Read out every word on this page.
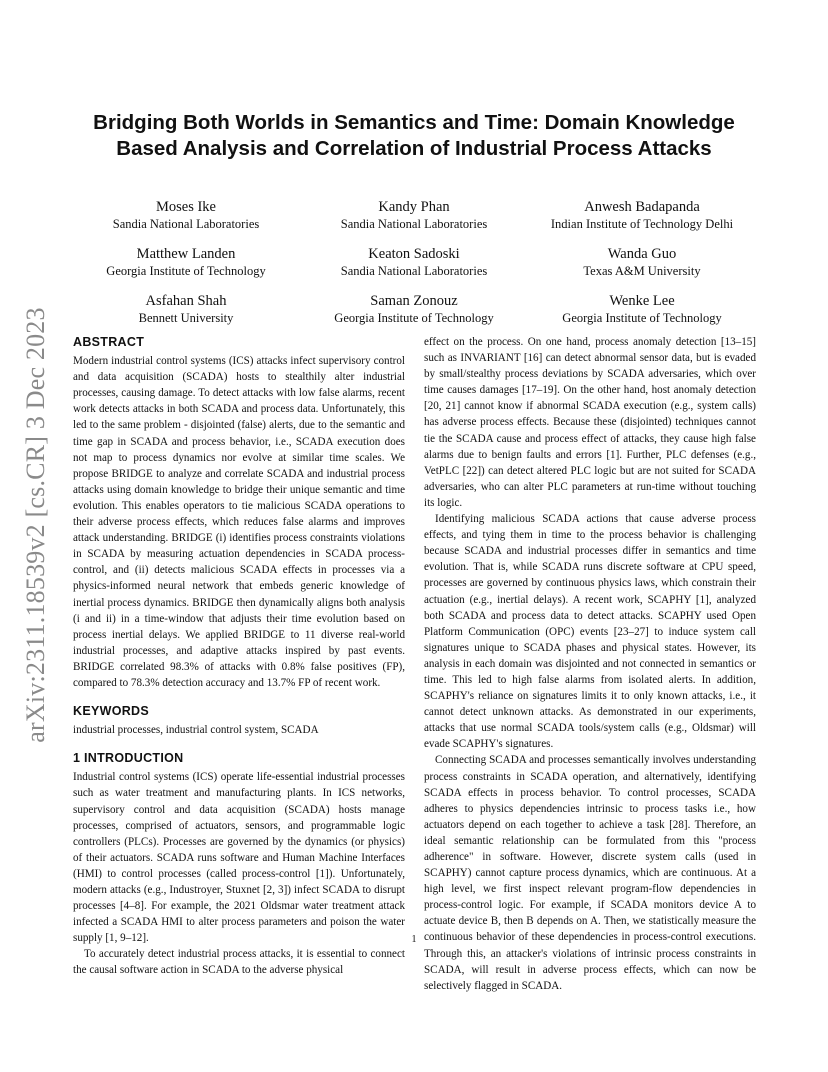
arXiv:2311.18539v2 [cs.CR] 3 Dec 2023
Bridging Both Worlds in Semantics and Time: Domain Knowledge Based Analysis and Correlation of Industrial Process Attacks
Moses Ike
Sandia National Laboratories
Kandy Phan
Sandia National Laboratories
Anwesh Badapanda
Indian Institute of Technology Delhi
Matthew Landen
Georgia Institute of Technology
Keaton Sadoski
Sandia National Laboratories
Wanda Guo
Texas A&M University
Asfahan Shah
Bennett University
Saman Zonouz
Georgia Institute of Technology
Wenke Lee
Georgia Institute of Technology
ABSTRACT

Modern industrial control systems (ICS) attacks infect supervisory control and data acquisition (SCADA) hosts to stealthily alter industrial processes, causing damage. To detect attacks with low false alarms, recent work detects attacks in both SCADA and process data. Unfortunately, this led to the same problem - disjointed (false) alerts, due to the semantic and time gap in SCADA and process behavior, i.e., SCADA execution does not map to process dynamics nor evolve at similar time scales. We propose BRIDGE to analyze and correlate SCADA and industrial process attacks using domain knowledge to bridge their unique semantic and time evolution. This enables operators to tie malicious SCADA operations to their adverse process effects, which reduces false alarms and improves attack understanding. BRIDGE (i) identifies process constraints violations in SCADA by measuring actuation dependencies in SCADA process-control, and (ii) detects malicious SCADA effects in processes via a physics-informed neural network that embeds generic knowledge of inertial process dynamics. BRIDGE then dynamically aligns both analysis (i and ii) in a time-window that adjusts their time evolution based on process inertial delays. We applied BRIDGE to 11 diverse real-world industrial processes, and adaptive attacks inspired by past events. BRIDGE correlated 98.3% of attacks with 0.8% false positives (FP), compared to 78.3% detection accuracy and 13.7% FP of recent work.

KEYWORDS

industrial processes, industrial control system, SCADA

1 INTRODUCTION

Industrial control systems (ICS) operate life-essential industrial processes such as water treatment and manufacturing plants. In ICS networks, supervisory control and data acquisition (SCADA) hosts manage processes, comprised of actuators, sensors, and programmable logic controllers (PLCs). Processes are governed by the dynamics (or physics) of their actuators. SCADA runs software and Human Machine Interfaces (HMI) to control processes (called process-control [1]). Unfortunately, modern attacks (e.g., Industroyer, Stuxnet [2, 3]) infect SCADA to disrupt processes [4–8]. For example, the 2021 Oldsmar water treatment attack infected a SCADA HMI to alter process parameters and poison the water supply [1, 9–12].

To accurately detect industrial process attacks, it is essential to connect the causal software action in SCADA to the adverse physical

effect on the process. On one hand, process anomaly detection [13–15] such as INVARIANT [16] can detect abnormal sensor data, but is evaded by small/stealthy process deviations by SCADA adversaries, which over time causes damages [17–19]. On the other hand, host anomaly detection [20, 21] cannot know if abnormal SCADA execution (e.g., system calls) has adverse process effects. Because these (disjointed) techniques cannot tie the SCADA cause and process effect of attacks, they cause high false alarms due to benign faults and errors [1]. Further, PLC defenses (e.g., VetPLC [22]) can detect altered PLC logic but are not suited for SCADA adversaries, who can alter PLC parameters at run-time without touching its logic.

Identifying malicious SCADA actions that cause adverse process effects, and tying them in time to the process behavior is challenging because SCADA and industrial processes differ in semantics and time evolution. That is, while SCADA runs discrete software at CPU speed, processes are governed by continuous physics laws, which constrain their actuation (e.g., inertial delays). A recent work, SCAPHY [1], analyzed both SCADA and process data to detect attacks. SCAPHY used Open Platform Communication (OPC) events [23–27] to induce system call signatures unique to SCADA phases and physical states. However, its analysis in each domain was disjointed and not connected in semantics or time. This led to high false alarms from isolated alerts. In addition, SCAPHY's reliance on signatures limits it to only known attacks, i.e., it cannot detect unknown attacks. As demonstrated in our experiments, attacks that use normal SCADA tools/system calls (e.g., Oldsmar) will evade SCAPHY's signatures.

Connecting SCADA and processes semantically involves understanding process constraints in SCADA operation, and alternatively, identifying SCADA effects in process behavior. To control processes, SCADA adheres to physics dependencies intrinsic to process tasks i.e., how actuators depend on each together to achieve a task [28]. Therefore, an ideal semantic relationship can be formulated from this "process adherence" in software. However, discrete system calls (used in SCAPHY) cannot capture process dynamics, which are continuous. At a high level, we first inspect relevant program-flow dependencies in process-control logic. For example, if SCADA monitors device A to actuate device B, then B depends on A. Then, we statistically measure the continuous behavior of these dependencies in process-control executions. Through this, an attacker's violations of intrinsic process constraints in SCADA, will result in adverse process effects, which can now be selectively flagged in SCADA.

1
